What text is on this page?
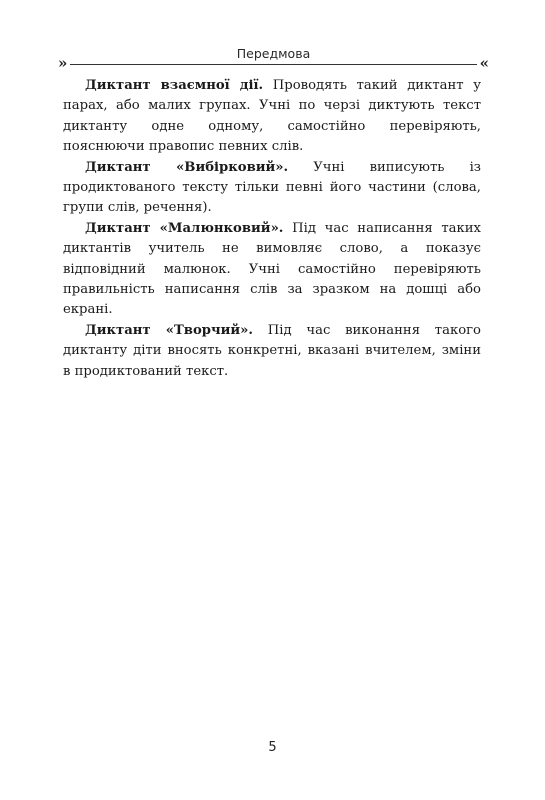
»
Передмова
«

Диктант взаємної дії. Проводять такий диктант у парах, або малих групах. Учні по черзі диктують текст диктанту одне одному, самостійно перевіряють, пояснюючи правопис певних слів.

Диктант «Вибірковий». Учні виписують із продиктованого тексту тільки певні його частини (слова, групи слів, речення).

Диктант «Малюнковий». Під час написання таких диктантів учитель не вимовляє слово, а показує відповідний малюнок. Учні самостійно перевіряють правильність написання слів за зразком на дошці або екрані.

Диктант «Творчий». Під час виконання такого диктанту діти вносять конкретні, вказані вчителем, зміни в продиктований текст.

5
